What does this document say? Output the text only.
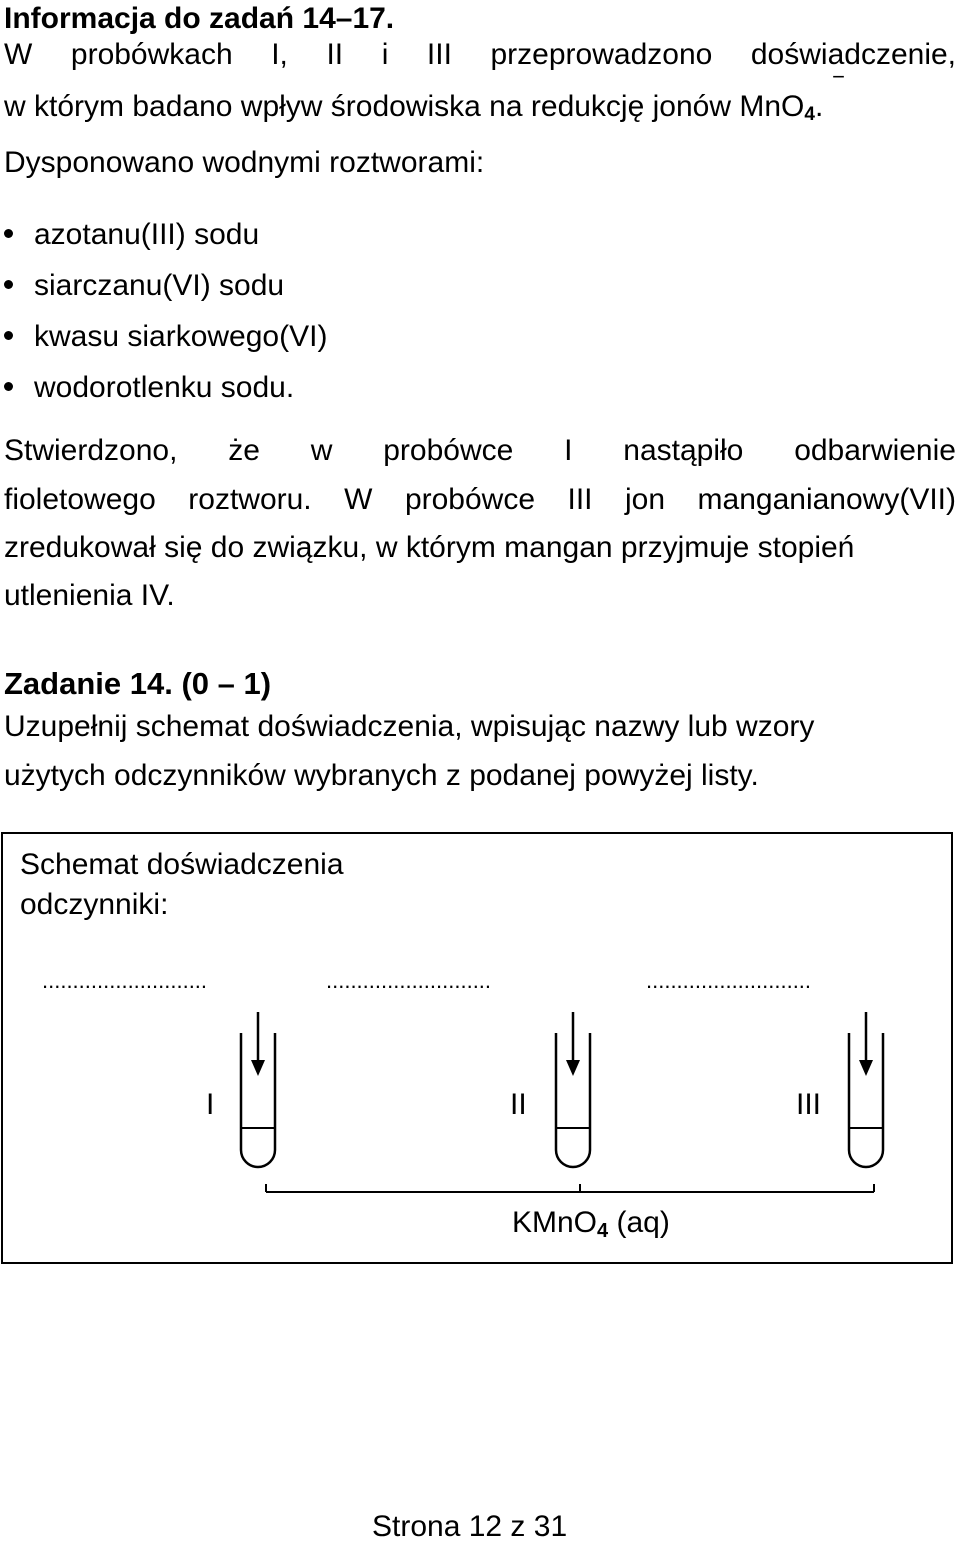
Informacja do zadań 14–17.
W probówkach I, II i III przeprowadzono doświadczenie,
w którym badano wpływ środowiska na redukcję jonów MnO4
−
.
Dysponowano wodnymi roztworami:
azotanu(III) sodu
siarczanu(VI) sodu
kwasu siarkowego(VI)
wodorotlenku sodu.
Stwierdzono, że w probówce I nastąpiło odbarwienie
fioletowego roztworu. W probówce III jon manganianowy(VII)
zredukował się do związku, w którym mangan przyjmuje stopień
utlenienia IV.
Zadanie 14. (0 – 1)
Uzupełnij schemat doświadczenia, wpisując nazwy lub wzory
użytych odczynników wybranych z podanej powyżej listy.
Schemat doświadczenia
odczynniki:
...........................	...........................	...........................
I	II	III
KMnO4 (aq)
Strona 12 z 31
